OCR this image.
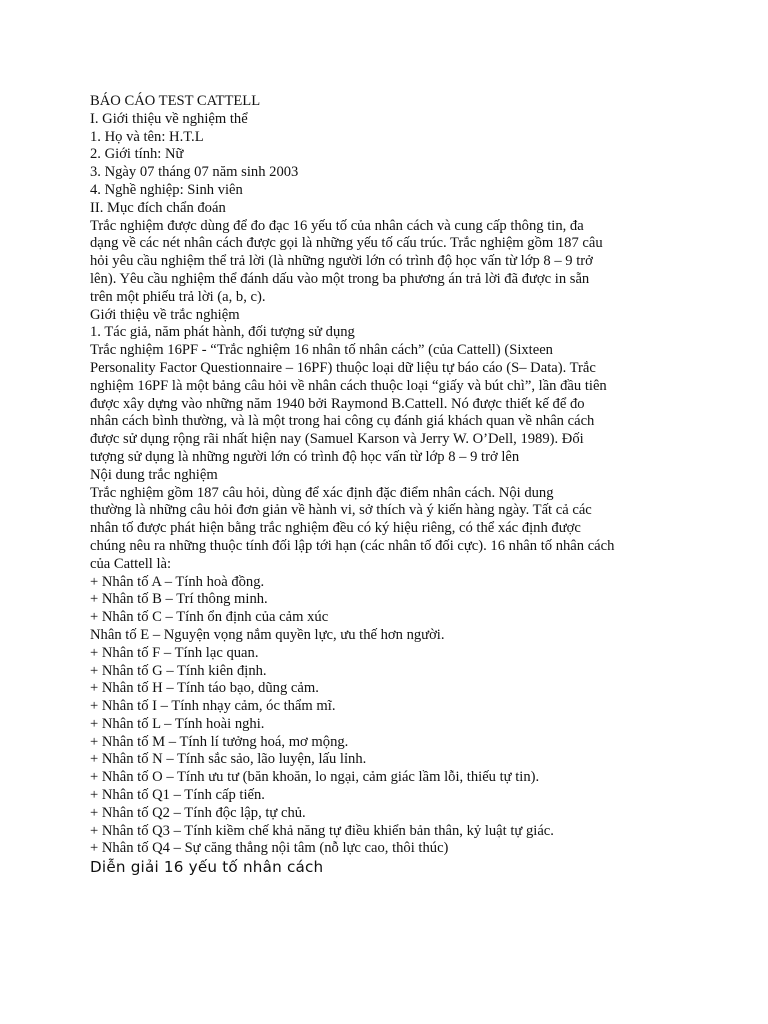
BÁO CÁO TEST CATTELL
I. Giới thiệu về nghiệm thể
1. Họ và tên: H.T.L
2. Giới tính: Nữ
3. Ngày 07 tháng 07 năm sinh 2003
4. Nghề nghiệp: Sinh viên
II. Mục đích chẩn đoán
Trắc nghiệm được dùng để đo đạc 16 yếu tố của nhân cách và cung cấp thông tin, đa
dạng về các nét nhân cách được gọi là những yếu tố cấu trúc. Trắc nghiệm gồm 187 câu
hỏi yêu cầu nghiệm thể trả lời (là những người lớn có trình độ học vấn từ lớp 8 – 9 trở
lên). Yêu cầu nghiệm thể đánh dấu vào một trong ba phương án trả lời đã được in sẵn
trên một phiếu trả lời (a, b, c).
Giới thiệu về trắc nghiệm
1. Tác giả, năm phát hành, đối tượng sử dụng
Trắc nghiệm 16PF - “Trắc nghiệm 16 nhân tố nhân cách” (của Cattell) (Sixteen
Personality Factor Questionnaire – 16PF) thuộc loại dữ liệu tự báo cáo (S– Data). Trắc
nghiệm 16PF là một bảng câu hỏi về nhân cách thuộc loại “giấy và bút chì”, lần đầu tiên
được xây dựng vào những năm 1940 bởi Raymond B.Cattell. Nó được thiết kế để đo
nhân cách bình thường, và là một trong hai công cụ đánh giá khách quan về nhân cách
được sử dụng rộng rãi nhất hiện nay (Samuel Karson và Jerry W. O’Dell, 1989). Đối
tượng sử dụng là những người lớn có trình độ học vấn từ lớp 8 – 9 trở lên
Nội dung trắc nghiệm
Trắc nghiệm gồm 187 câu hỏi, dùng để xác định đặc điểm nhân cách. Nội dung
thường là những câu hỏi đơn giản về hành vi, sở thích và ý kiến hàng ngày. Tất cả các
nhân tố được phát hiện bằng trắc nghiệm đều có ký hiệu riêng, có thể xác định được
chúng nêu ra những thuộc tính đối lập tới hạn (các nhân tố đối cực). 16 nhân tố nhân cách
của Cattell là:
+ Nhân tố A – Tính hoà đồng.
+ Nhân tố B – Trí thông minh.
+ Nhân tố C – Tính ổn định của cảm xúc
Nhân tố E – Nguyện vọng nắm quyền lực, ưu thế hơn người.
+ Nhân tố F – Tính lạc quan.
+ Nhân tố G – Tính kiên định.
+ Nhân tố H – Tính táo bạo, dũng cảm.
+ Nhân tố I – Tính nhạy cảm, óc thẩm mĩ.
+ Nhân tố L – Tính hoài nghi.
+ Nhân tố M – Tính lí tưởng hoá, mơ mộng.
+ Nhân tố N – Tính sắc sảo, lão luyện, lấu lỉnh.
+ Nhân tố O – Tính ưu tư (băn khoăn, lo ngại, cảm giác lầm lỗi, thiếu tự tin).
+ Nhân tố Q1 – Tính cấp tiến.
+ Nhân tố Q2 – Tính độc lập, tự chủ.
+ Nhân tố Q3 – Tính kiềm chế khả năng tự điều khiển bản thân, kỷ luật tự giác.
+ Nhân tố Q4 – Sự căng thẳng nội tâm (nỗ lực cao, thôi thúc)
Diễn giải 16 yếu tố nhân cách
